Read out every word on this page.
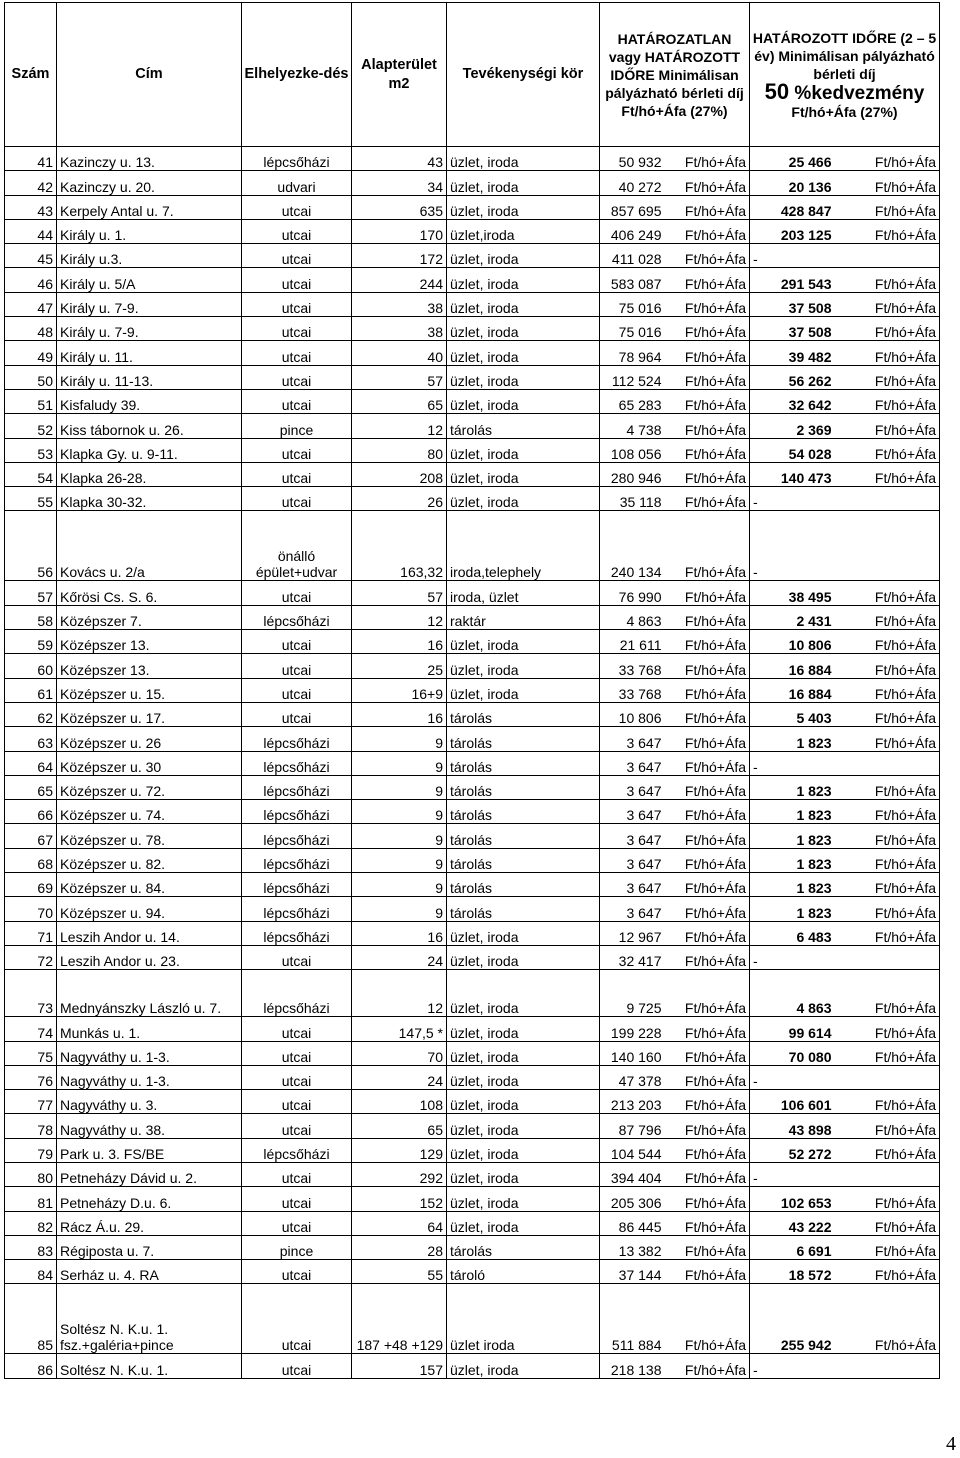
Szám	Cím	Elhelyezke-dés	Alapterület m2	Tevékenységi kör	HATÁROZATLAN vagy HATÁROZOTT IDŐRE Minimálisan pályázható bérleti díj Ft/hó+Áfa (27%)		HATÁROZOTT IDŐRE (2 – 5 év) Minimálisan pályázható bérleti díj
50 %kedvezmény
Ft/hó+Áfa (27%)	
41	Kazinczy u. 13.	lépcsőházi	43	üzlet, iroda	50 932	Ft/hó+Áfa	25 466	Ft/hó+Áfa
42	Kazinczy u. 20.	udvari	34	üzlet, iroda	40 272	Ft/hó+Áfa	20 136	Ft/hó+Áfa
43	Kerpely Antal u. 7.	utcai	635	üzlet, iroda	857 695	Ft/hó+Áfa	428 847	Ft/hó+Áfa
44	Király u. 1.	utcai	170	üzlet,iroda	406 249	Ft/hó+Áfa	203 125	Ft/hó+Áfa
45	Király u.3.	utcai	172	üzlet, iroda	411 028	Ft/hó+Áfa	-	
46	Király u. 5/A	utcai	244	üzlet, iroda	583 087	Ft/hó+Áfa	291 543	Ft/hó+Áfa
47	Király u. 7-9.	utcai	38	üzlet, iroda	75 016	Ft/hó+Áfa	37 508	Ft/hó+Áfa
48	Király u. 7-9.	utcai	38	üzlet, iroda	75 016	Ft/hó+Áfa	37 508	Ft/hó+Áfa
49	Király u. 11.	utcai	40	üzlet, iroda	78 964	Ft/hó+Áfa	39 482	Ft/hó+Áfa
50	Király u. 11-13.	utcai	57	üzlet, iroda	112 524	Ft/hó+Áfa	56 262	Ft/hó+Áfa
51	Kisfaludy 39.	utcai	65	üzlet, iroda	65 283	Ft/hó+Áfa	32 642	Ft/hó+Áfa
52	Kiss tábornok u. 26.	pince	12	tárolás	4 738	Ft/hó+Áfa	2 369	Ft/hó+Áfa
53	Klapka Gy. u. 9-11.	utcai	80	üzlet, iroda	108 056	Ft/hó+Áfa	54 028	Ft/hó+Áfa
54	Klapka 26-28.	utcai	208	üzlet, iroda	280 946	Ft/hó+Áfa	140 473	Ft/hó+Áfa
55	Klapka 30-32.	utcai	26	üzlet, iroda	35 118	Ft/hó+Áfa	-	
56	Kovács u. 2/a	önálló épület+udvar	163,32	iroda,telephely	240 134	Ft/hó+Áfa	-	
57	Kőrösi Cs. S. 6.	utcai	57	iroda, üzlet	76 990	Ft/hó+Áfa	38 495	Ft/hó+Áfa
58	Középszer 7.	lépcsőházi	12	raktár	4 863	Ft/hó+Áfa	2 431	Ft/hó+Áfa
59	Középszer 13.	utcai	16	üzlet, iroda	21 611	Ft/hó+Áfa	10 806	Ft/hó+Áfa
60	Középszer 13.	utcai	25	üzlet, iroda	33 768	Ft/hó+Áfa	16 884	Ft/hó+Áfa
61	Középszer u. 15.	utcai	16+9	üzlet, iroda	33 768	Ft/hó+Áfa	16 884	Ft/hó+Áfa
62	Középszer u. 17.	utcai	16	tárolás	10 806	Ft/hó+Áfa	5 403	Ft/hó+Áfa
63	Középszer u. 26	lépcsőházi	9	tárolás	3 647	Ft/hó+Áfa	1 823	Ft/hó+Áfa
64	Középszer u. 30	lépcsőházi	9	tárolás	3 647	Ft/hó+Áfa	-	
65	Középszer u. 72.	lépcsőházi	9	tárolás	3 647	Ft/hó+Áfa	1 823	Ft/hó+Áfa
66	Középszer u. 74.	lépcsőházi	9	tárolás	3 647	Ft/hó+Áfa	1 823	Ft/hó+Áfa
67	Középszer u. 78.	lépcsőházi	9	tárolás	3 647	Ft/hó+Áfa	1 823	Ft/hó+Áfa
68	Középszer u. 82.	lépcsőházi	9	tárolás	3 647	Ft/hó+Áfa	1 823	Ft/hó+Áfa
69	Középszer u. 84.	lépcsőházi	9	tárolás	3 647	Ft/hó+Áfa	1 823	Ft/hó+Áfa
70	Középszer u. 94.	lépcsőházi	9	tárolás	3 647	Ft/hó+Áfa	1 823	Ft/hó+Áfa
71	Leszih Andor u. 14.	lépcsőházi	16	üzlet, iroda	12 967	Ft/hó+Áfa	6 483	Ft/hó+Áfa
72	Leszih Andor u. 23.	utcai	24	üzlet, iroda	32 417	Ft/hó+Áfa	-	
73	Mednyánszky László u. 7.	lépcsőházi	12	üzlet, iroda	9 725	Ft/hó+Áfa	4 863	Ft/hó+Áfa
74	Munkás u. 1.	utcai	147,5 *	üzlet, iroda	199 228	Ft/hó+Áfa	99 614	Ft/hó+Áfa
75	Nagyváthy u. 1-3.	utcai	70	üzlet, iroda	140 160	Ft/hó+Áfa	70 080	Ft/hó+Áfa
76	Nagyváthy u. 1-3.	utcai	24	üzlet, iroda	47 378	Ft/hó+Áfa	-	
77	Nagyváthy u. 3.	utcai	108	üzlet, iroda	213 203	Ft/hó+Áfa	106 601	Ft/hó+Áfa
78	Nagyváthy u. 38.	utcai	65	üzlet, iroda	87 796	Ft/hó+Áfa	43 898	Ft/hó+Áfa
79	Park u. 3. FS/BE	lépcsőházi	129	üzlet, iroda	104 544	Ft/hó+Áfa	52 272	Ft/hó+Áfa
80	Petneházy Dávid u. 2.	utcai	292	üzlet, iroda	394 404	Ft/hó+Áfa	-	
81	Petneházy D.u. 6.	utcai	152	üzlet, iroda	205 306	Ft/hó+Áfa	102 653	Ft/hó+Áfa
82	Rácz Á.u. 29.	utcai	64	üzlet, iroda	86 445	Ft/hó+Áfa	43 222	Ft/hó+Áfa
83	Régiposta u. 7.	pince	28	tárolás	13 382	Ft/hó+Áfa	6 691	Ft/hó+Áfa
84	Serház u. 4. RA	utcai	55	tároló	37 144	Ft/hó+Áfa	18 572	Ft/hó+Áfa
85	Soltész N. K.u. 1. fsz.+galéria+pince	utcai	187 +48 +129	üzlet iroda	511 884	Ft/hó+Áfa	255 942	Ft/hó+Áfa
86	Soltész N. K.u. 1.	utcai	157	üzlet, iroda	218 138	Ft/hó+Áfa	-	
4
